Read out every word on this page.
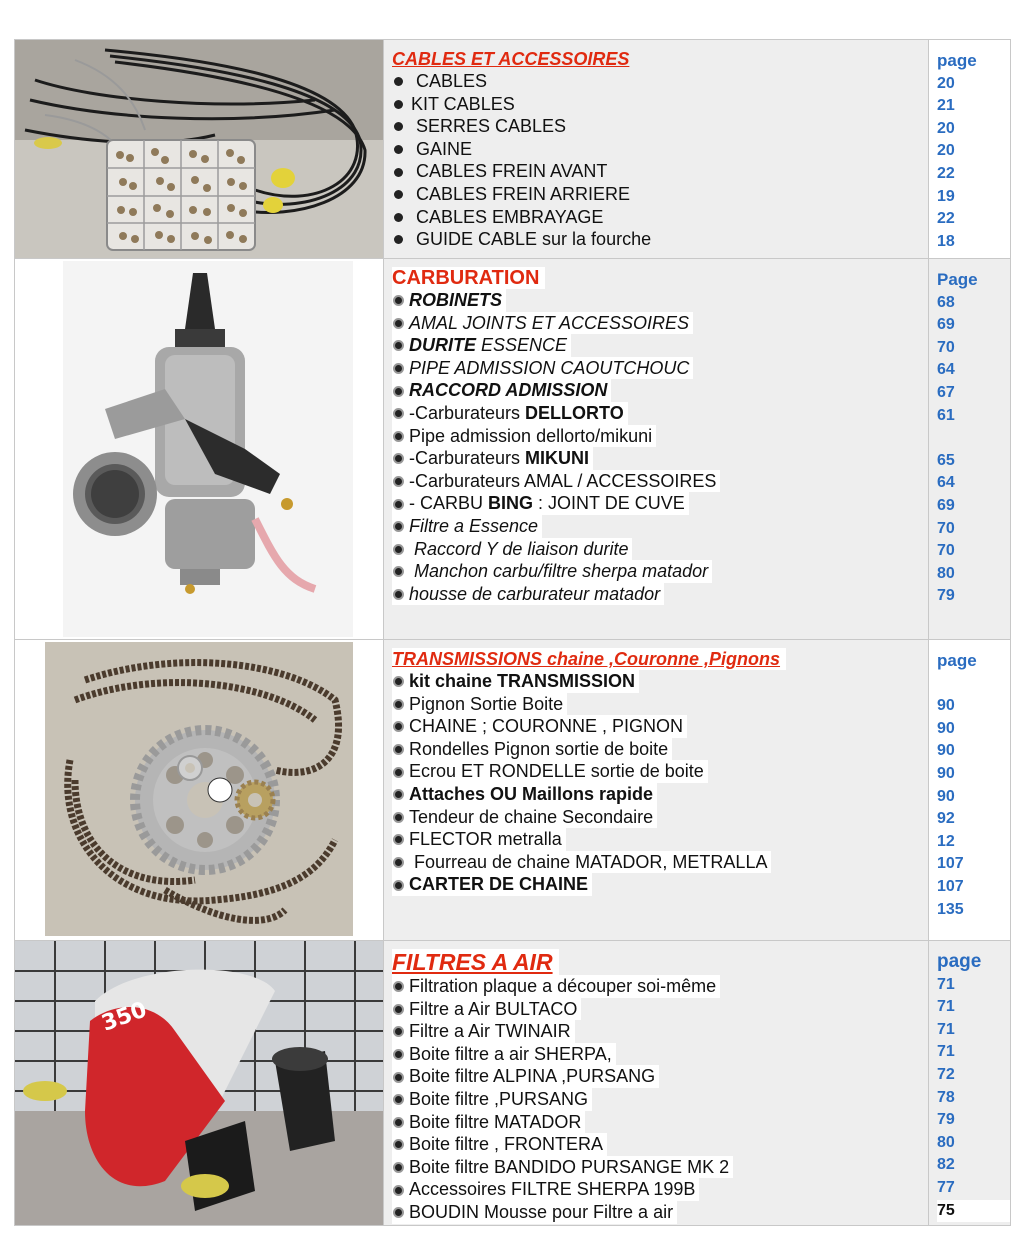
CABLES ET ACCESSOIRES
CABLES
KIT CABLES
SERRES CABLES
GAINE
CABLES FREIN AVANT
CABLES FREIN ARRIERE
CABLES EMBRAYAGE
GUIDE CABLE sur la fourche
page
20
21
20
20
22
19
22
18
CARBURATION
ROBINETS
AMAL JOINTS ET ACCESSOIRES
DURITE ESSENCE
PIPE ADMISSION CAOUTCHOUC
RACCORD ADMISSION
-Carburateurs DELLORTO
Pipe admission dellorto/mikuni
-Carburateurs MIKUNI
-Carburateurs AMAL / ACCESSOIRES
- CARBU BING : JOINT DE CUVE
Filtre a Essence
Raccord Y de liaison durite
Manchon carbu/filtre sherpa matador
housse de carburateur matador
Page
68
69
70
64
67
61

65
64
69
70
70
80
79
TRANSMISSIONS chaine ,Couronne ,Pignons
kit chaine TRANSMISSION
Pignon Sortie Boite
CHAINE ; COURONNE , PIGNON
Rondelles Pignon sortie de boite
Ecrou ET RONDELLE sortie de boite
Attaches OU Maillons rapide
Tendeur de chaine Secondaire
FLECTOR metralla
Fourreau de chaine MATADOR, METRALLA
CARTER DE CHAINE
page

90
90
90
90
90
92
12
107
107
135
350
FILTRES A AIR
Filtration plaque a découper soi-même
Filtre a Air BULTACO
Filtre a Air TWINAIR
Boite filtre a air SHERPA,
Boite filtre ALPINA ,PURSANG
Boite filtre ,PURSANG
Boite filtre MATADOR
Boite filtre , FRONTERA
Boite filtre BANDIDO PURSANGE MK 2
Accessoires FILTRE SHERPA 199B
BOUDIN Mousse pour Filtre a air
page
71
71
71
71
72
78
79
80
82
77
75
